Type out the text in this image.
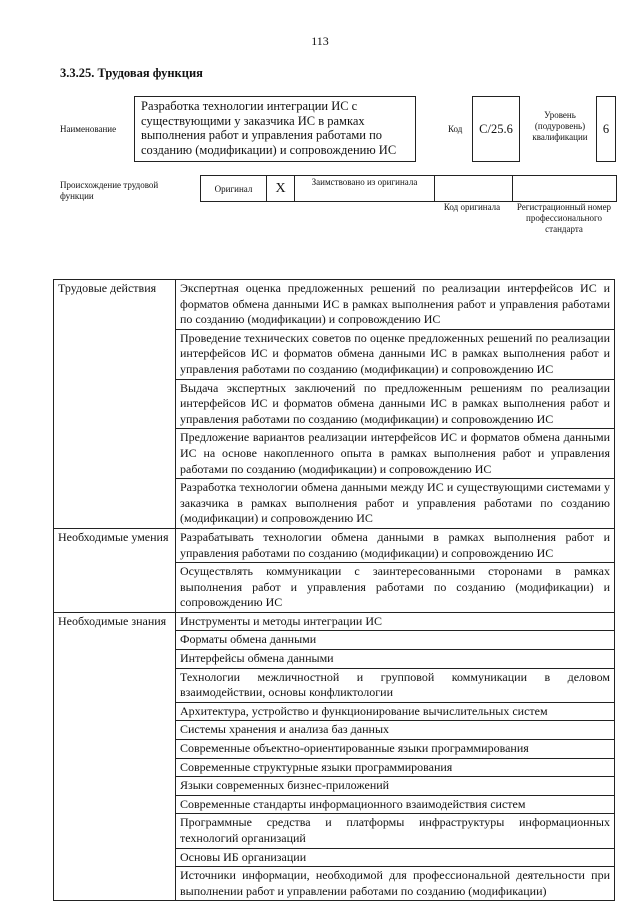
113
3.3.25. Трудовая функция
Наименование
Разработка технологии интеграции ИС с существующими у заказчика ИС в рамках выполнения работ и управления работами по созданию (модификации) и сопровождению ИС
Код	С/25.6
Уровень (подуровень) квалификации
6
Происхождение трудовой функции
Оригинал	X	Заимствовано из оригинала
Код оригинала	Регистрационный номер профессионального стандарта
Трудовые действия	Экспертная оценка предложенных решений по реализации интерфейсов ИС и форматов обмена данными ИС в рамках выполнения работ и управления работами по созданию (модификации) и сопровождению ИС
	Проведение технических советов по оценке предложенных решений по реализации интерфейсов ИС и форматов обмена данными ИС в рамках выполнения работ и управления работами по созданию (модификации) и сопровождению ИС
	Выдача экспертных заключений по предложенным решениям по реализации интерфейсов ИС и форматов обмена данными ИС в рамках выполнения работ и управления работами по созданию (модификации) и сопровождению ИС
	Предложение вариантов реализации интерфейсов ИС и форматов обмена данными ИС на основе накопленного опыта в рамках выполнения работ и управления работами по созданию (модификации) и сопровождению ИС
	Разработка технологии обмена данными между ИС и существующими системами у заказчика в рамках выполнения работ и управления работами по созданию (модификации) и сопровождению ИС
Необходимые умения	Разрабатывать технологии обмена данными в рамках выполнения работ и управления работами по созданию (модификации) и сопровождению ИС
	Осуществлять коммуникации с заинтересованными сторонами в рамках выполнения работ и управления работами по созданию (модификации) и сопровождению ИС
Необходимые знания	Инструменты и методы интеграции ИС
	Форматы обмена данными
	Интерфейсы обмена данными
	Технологии межличностной и групповой коммуникации в деловом взаимодействии, основы конфликтологии
	Архитектура, устройство и функционирование вычислительных систем
	Системы хранения и анализа баз данных
	Современные объектно-ориентированные языки программирования
	Современные структурные языки программирования
	Языки современных бизнес-приложений
	Современные стандарты информационного взаимодействия систем
	Программные средства и платформы инфраструктуры информационных технологий организаций
	Основы ИБ организации
	Источники информации, необходимой для профессиональной деятельности при выполнении работ и управлении работами по созданию (модификации)
